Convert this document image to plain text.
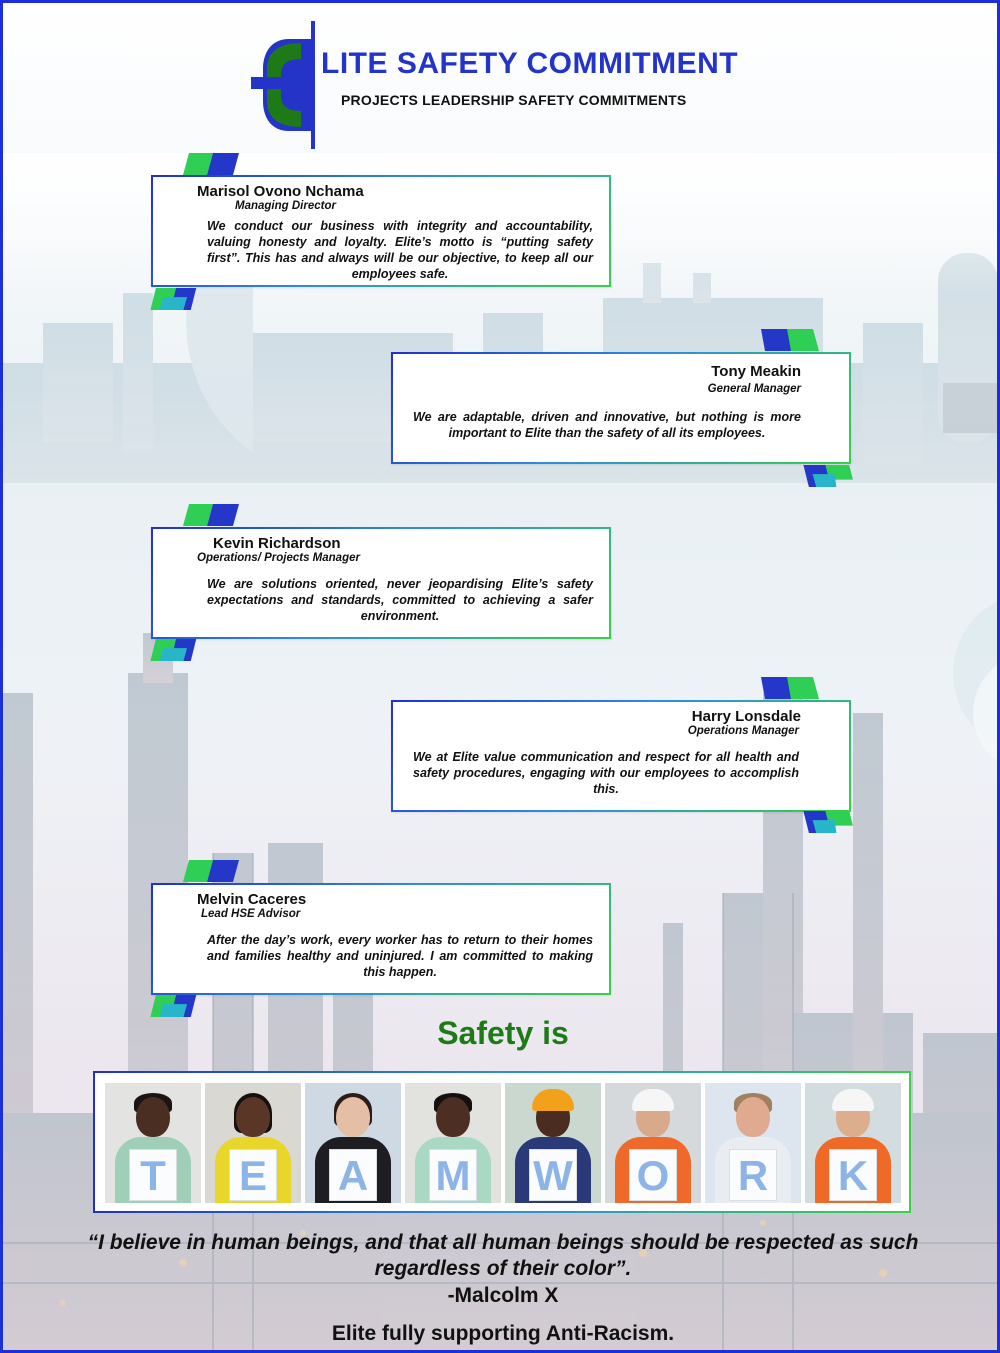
LITE SAFETY COMMITMENT
PROJECTS LEADERSHIP SAFETY COMMITMENTS
Marisol Ovono Nchama
Managing Director
We conduct our business with integrity and accountability, valuing honesty and loyalty. Elite’s motto is “putting safety first”. This has and always will be our objective, to keep all our employees safe.
Tony Meakin
General Manager
We are adaptable, driven and innovative, but nothing is more important to Elite than the safety of all its employees.
Kevin Richardson
Operations/ Projects Manager
We are solutions oriented, never jeopardising Elite’s safety expectations and standards, committed to achieving a safer environment.
Harry Lonsdale
Operations Manager
We at Elite value communication and respect for all health and safety procedures, engaging with our employees to accomplish this.
Melvin Caceres
Lead HSE Advisor
After the day’s work, every worker has to return to their homes and families healthy and uninjured. I am committed to making this happen.
Safety is
T E A M W O R K
“I believe in human beings, and that all human beings should be respected as such regardless of their color”.
-Malcolm X
Elite fully supporting Anti-Racism.
